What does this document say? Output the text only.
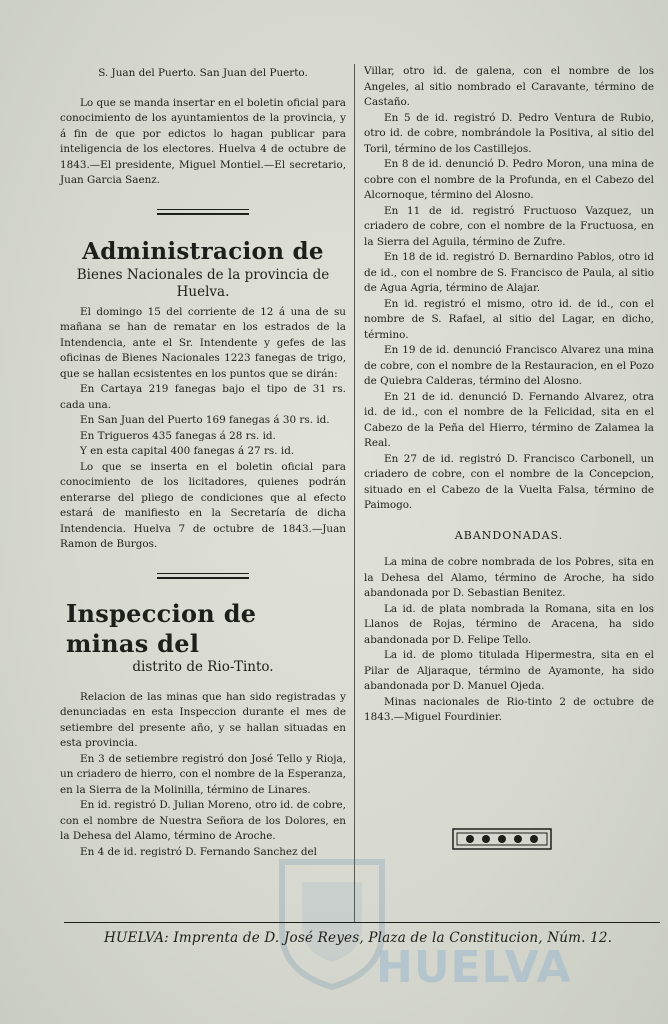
S. Juan del Puerto. San Juan del Puerto.

Lo que se manda insertar en el boletin oficial para conocimiento de los ayuntamientos de la provincia, y á fin de que por edictos lo hagan publicar para inteligencia de los electores. Huelva 4 de octubre de 1843.—El presidente, Miguel Montiel.—El secretario, Juan Garcia Saenz.

Administracion de

Bienes Nacionales de la provincia de Huelva.

El domingo 15 del corriente de 12 á una de su mañana se han de rematar en los estrados de la Intendencia, ante el Sr. Intendente y gefes de las oficinas de Bienes Nacionales 1223 fanegas de trigo, que se hallan ecsistentes en los puntos que se dirán:

En Cartaya 219 fanegas bajo el tipo de 31 rs. cada una.

En San Juan del Puerto 169 fanegas á 30 rs. id.

En Trigueros 435 fanegas á 28 rs. id.

Y en esta capital 400 fanegas á 27 rs. id.

Lo que se inserta en el boletin oficial para conocimiento de los licitadores, quienes podrán enterarse del pliego de condiciones que al efecto estará de manifiesto en la Secretaría de dicha Intendencia. Huelva 7 de octubre de 1843.—Juan Ramon de Burgos.

Inspeccion de minas del

distrito de Rio-Tinto.

Relacion de las minas que han sido registradas y denunciadas en esta Inspeccion durante el mes de setiembre del presente año, y se hallan situadas en esta provincia.

En 3 de setiembre registró don José Tello y Rioja, un criadero de hierro, con el nombre de la Esperanza, en la Sierra de la Molinilla, término de Linares.

En id. registró D. Julian Moreno, otro id. de cobre, con el nombre de Nuestra Señora de los Dolores, en la Dehesa del Alamo, término de Aroche.

En 4 de id. registró D. Fernando Sanchez del

Villar, otro id. de galena, con el nombre de los Angeles, al sitio nombrado el Caravante, término de Castaño.

En 5 de id. registró D. Pedro Ventura de Rubio, otro id. de cobre, nombrándole la Positiva, al sitio del Toril, término de los Castillejos.

En 8 de id. denunció D. Pedro Moron, una mina de cobre con el nombre de la Profunda, en el Cabezo del Alcornoque, término del Alosno.

En 11 de id. registró Fructuoso Vazquez, un criadero de cobre, con el nombre de la Fructuosa, en la Sierra del Aguila, término de Zufre.

En 18 de id. registró D. Bernardino Pablos, otro id de id., con el nombre de S. Francisco de Paula, al sitio de Agua Agria, término de Alajar.

En id. registró el mismo, otro id. de id., con el nombre de S. Rafael, al sitio del Lagar, en dicho, término.

En 19 de id. denunció Francisco Alvarez una mina de cobre, con el nombre de la Restauracion, en el Pozo de Quiebra Calderas, término del Alosno.

En 21 de id. denunció D. Fernando Alvarez, otra id. de id., con el nombre de la Felicidad, sita en el Cabezo de la Peña del Hierro, término de Zalamea la Real.

En 27 de id. registró D. Francisco Carbonell, un criadero de cobre, con el nombre de la Concepcion, situado en el Cabezo de la Vuelta Falsa, término de Paimogo.

ABANDONADAS.

La mina de cobre nombrada de los Pobres, sita en la Dehesa del Alamo, término de Aroche, ha sido abandonada por D. Sebastian Benitez.

La id. de plata nombrada la Romana, sita en los Llanos de Rojas, término de Aracena, ha sido abandonada por D. Felipe Tello.

La id. de plomo titulada Hipermestra, sita en el Pilar de Aljaraque, término de Ayamonte, ha sido abandonada por D. Manuel Ojeda.

Minas nacionales de Rio-tinto 2 de octubre de 1843.—Miguel Fourdinier.

HUELVA
HUELVA: Imprenta de D. José Reyes, Plaza de la Constitucion, Núm. 12.
